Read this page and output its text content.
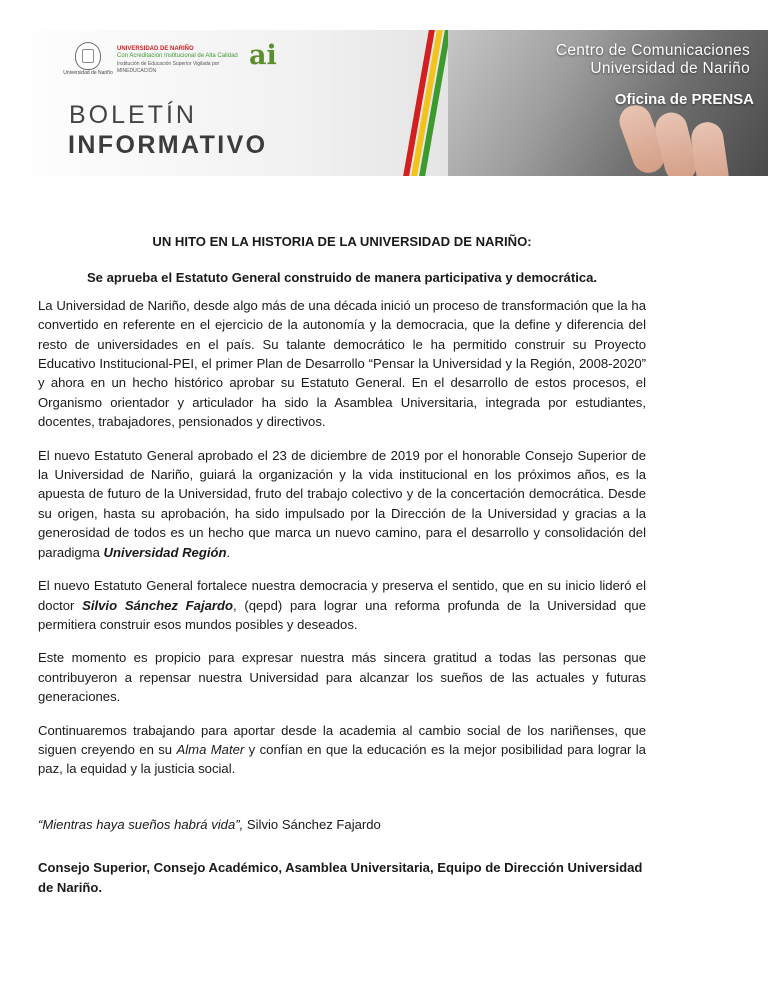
Centro de Comunicaciones
Universidad de Nariño
Oficina de PRENSA
Universidad de Nariño
UNIVERSIDAD DE NARIÑO
Con Acreditación Institucional de Alta Calidad
Institución de Educación Superior Vigilada por MINEDUCACIÓN	ai
BOLETÍN
INFORMATIVO

UN HITO EN LA HISTORIA DE LA UNIVERSIDAD DE NARIÑO:

Se aprueba el Estatuto General construido de manera participativa y democrática.

La Universidad de Nariño, desde algo más de una década inició un proceso de transformación que la ha convertido en referente en el ejercicio de la autonomía y la democracia, que la define y diferencia del resto de universidades en el país. Su talante democrático le ha permitido construir su Proyecto Educativo Institucional-PEI, el primer Plan de Desarrollo “Pensar la Universidad y la Región, 2008-2020” y ahora en un hecho histórico aprobar su Estatuto General. En el desarrollo de estos procesos, el Organismo orientador y articulador ha sido la Asamblea Universitaria, integrada por estudiantes, docentes, trabajadores, pensionados y directivos.

El nuevo Estatuto General aprobado el 23 de diciembre de 2019 por el honorable Consejo Superior de la Universidad de Nariño, guiará la organización y la vida institucional en los próximos años, es la apuesta de futuro de la Universidad, fruto del trabajo colectivo y de la concertación democrática. Desde su origen, hasta su aprobación, ha sido impulsado por la Dirección de la Universidad y gracias a la generosidad de todos es un hecho que marca un nuevo camino, para el desarrollo y consolidación del paradigma Universidad Región.

El nuevo Estatuto General fortalece nuestra democracia y preserva el sentido, que en su inicio lideró el doctor Silvio Sánchez Fajardo, (qepd) para lograr una reforma profunda de la Universidad que permitiera construir esos mundos posibles y deseados.

Este momento es propicio para expresar nuestra más sincera gratitud a todas las personas que contribuyeron a repensar nuestra Universidad para alcanzar los sueños de las actuales y futuras generaciones.

Continuaremos trabajando para aportar desde la academia al cambio social de los nariñenses, que siguen creyendo en su Alma Mater y confían en que la educación es la mejor posibilidad para lograr la paz, la equidad y la justicia social.

“Mientras haya sueños habrá vida”, Silvio Sánchez Fajardo

Consejo Superior, Consejo Académico, Asamblea Universitaria, Equipo de Dirección Universidad de Nariño.
